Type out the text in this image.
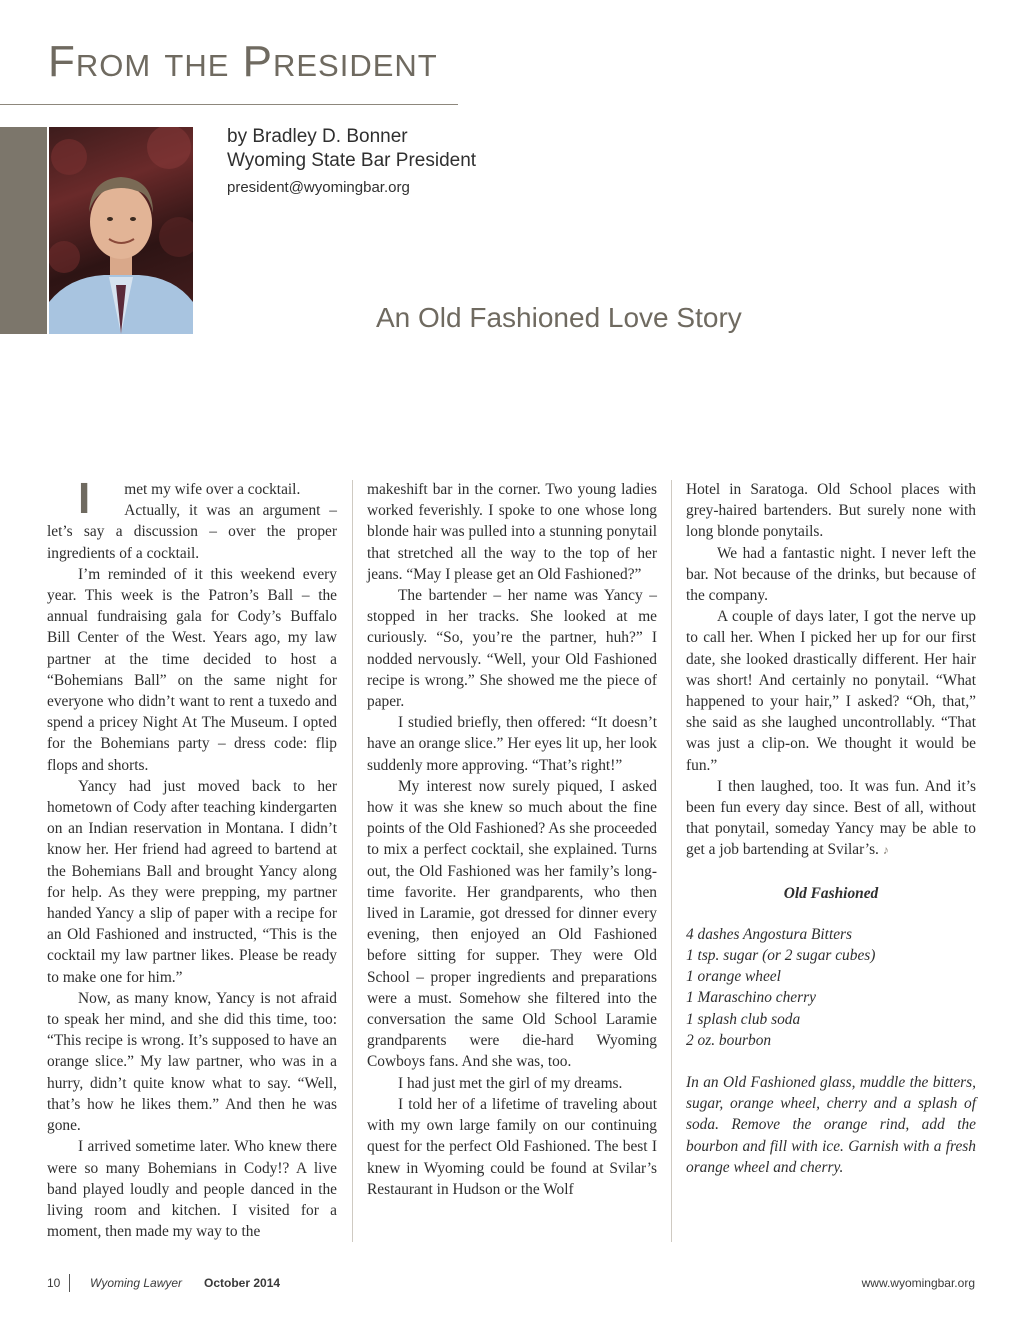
From the President
by Bradley D. Bonner
Wyoming State Bar President
president@wyomingbar.org
An Old Fashioned Love Story

I met my wife over a cocktail.

Actually, it was an argument – let’s say a discussion – over the proper ingredients of a cocktail.

I’m reminded of it this weekend every year. This week is the Patron’s Ball – the annual fundraising gala for Cody’s Buffalo Bill Center of the West. Years ago, my law partner at the time decided to host a “Bohemians Ball” on the same night for everyone who didn’t want to rent a tuxedo and spend a pricey Night At The Museum. I opted for the Bohemians party – dress code: flip flops and shorts.

Yancy had just moved back to her hometown of Cody after teaching kindergarten on an Indian reservation in Montana. I didn’t know her. Her friend had agreed to bartend at the Bohemians Ball and brought Yancy along for help. As they were prepping, my partner handed Yancy a slip of paper with a recipe for an Old Fashioned and instructed, “This is the cocktail my law partner likes. Please be ready to make one for him.”

Now, as many know, Yancy is not afraid to speak her mind, and she did this time, too: “This recipe is wrong. It’s supposed to have an orange slice.” My law partner, who was in a hurry, didn’t quite know what to say. “Well, that’s how he likes them.” And then he was gone.

I arrived sometime later. Who knew there were so many Bohemians in Cody!? A live band played loudly and people danced in the living room and kitchen. I visited for a moment, then made my way to the

makeshift bar in the corner. Two young ladies worked feverishly. I spoke to one whose long blonde hair was pulled into a stunning ponytail that stretched all the way to the top of her jeans. “May I please get an Old Fashioned?”

The bartender – her name was Yancy – stopped in her tracks. She looked at me curiously. “So, you’re the partner, huh?” I nodded nervously. “Well, your Old Fashioned recipe is wrong.” She showed me the piece of paper.

I studied briefly, then offered: “It doesn’t have an orange slice.” Her eyes lit up, her look suddenly more approving. “That’s right!”

My interest now surely piqued, I asked how it was she knew so much about the fine points of the Old Fashioned? As she proceeded to mix a perfect cocktail, she explained. Turns out, the Old Fashioned was her family’s long-time favorite. Her grandparents, who then lived in Laramie, got dressed for dinner every evening, then enjoyed an Old Fashioned before sitting for supper. They were Old School – proper ingredients and preparations were a must. Somehow she filtered into the conversation the same Old School Laramie grandparents were die-hard Wyoming Cowboys fans. And she was, too.

I had just met the girl of my dreams.

I told her of a lifetime of traveling about with my own large family on our continuing quest for the perfect Old Fashioned. The best I knew in Wyoming could be found at Svilar’s Restaurant in Hudson or the Wolf

Hotel in Saratoga. Old School places with grey-haired bartenders. But surely none with long blonde ponytails.

We had a fantastic night. I never left the bar. Not because of the drinks, but because of the company.

A couple of days later, I got the nerve up to call her. When I picked her up for our first date, she looked drastically different. Her hair was short! And certainly no ponytail. “What happened to your hair,” I asked? “Oh, that,” she said as she laughed uncontrollably. “That was just a clip-on. We thought it would be fun.”

I then laughed, too. It was fun. And it’s been fun every day since. Best of all, without that ponytail, someday Yancy may be able to get a job bartending at Svilar’s. ♪

Old Fashioned
4 dashes Angostura Bitters
1 tsp. sugar (or 2 sugar cubes)
1 orange wheel
1 Maraschino cherry
1 splash club soda
2 oz. bourbon

In an Old Fashioned glass, muddle the bitters, sugar, orange wheel, cherry and a splash of soda. Remove the orange rind, add the bourbon and fill with ice. Garnish with a fresh orange wheel and cherry.

10 Wyoming Lawyer October 2014	www.wyomingbar.org
